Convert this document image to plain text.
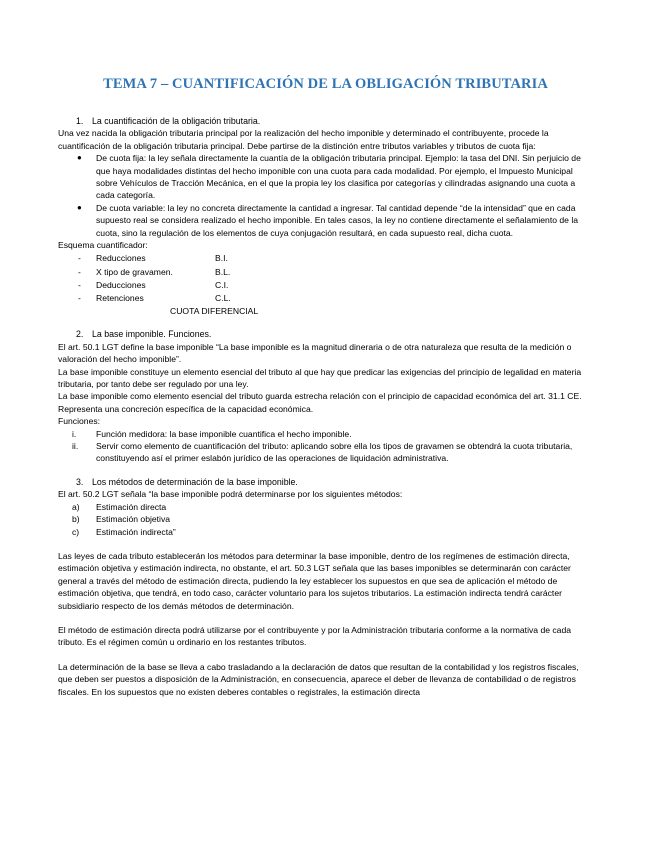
TEMA 7 – CUANTIFICACIÓN DE LA OBLIGACIÓN TRIBUTARIA
1. La cuantificación de la obligación tributaria.

Una vez nacida la obligación tributaria principal por la realización del hecho imponible y determinado el contribuyente, procede la cuantificación de la obligación tributaria principal. Debe partirse de la distinción entre tributos variables y tributos de cuota fija:

● De cuota fija: la ley señala directamente la cuantía de la obligación tributaria principal. Ejemplo: la tasa del DNI. Sin perjuicio de que haya modalidades distintas del hecho imponible con una cuota para cada modalidad. Por ejemplo, el Impuesto Municipal sobre Vehículos de Tracción Mecánica, en el que la propia ley los clasifica por categorías y cilindradas asignando una cuota a cada categoría.
● De cuota variable: la ley no concreta directamente la cantidad a ingresar. Tal cantidad depende “de la intensidad” que en cada supuesto real se considera realizado el hecho imponible. En tales casos, la ley no contiene directamente el señalamiento de la cuota, sino la regulación de los elementos de cuya conjugación resultará, en cada supuesto real, dicha cuota.

Esquema cuantificador:

- Reducciones	B.I.
- X tipo de gravamen.	B.L.
- Deducciones	C.I.
- Retenciones	C.L.
CUOTA DIFERENCIAL
2. La base imponible. Funciones.

El art. 50.1 LGT define la base imponible “La base imponible es la magnitud dineraria o de otra naturaleza que resulta de la medición o valoración del hecho imponible”.

La base imponible constituye un elemento esencial del tributo al que hay que predicar las exigencias del principio de legalidad en materia tributaria, por tanto debe ser regulado por una ley.

La base imponible como elemento esencial del tributo guarda estrecha relación con el principio de capacidad económica del art. 31.1 CE. Representa una concreción específica de la capacidad económica.

Funciones:

i. Función medidora: la base imponible cuantifica el hecho imponible.
ii. Servir como elemento de cuantificación del tributo: aplicando sobre ella los tipos de gravamen se obtendrá la cuota tributaria, constituyendo así el primer eslabón jurídico de las operaciones de liquidación administrativa.
3. Los métodos de determinación de la base imponible.

El art. 50.2 LGT señala “la base imponible podrá determinarse por los siguientes métodos:

a) Estimación directa
b) Estimación objetiva
c) Estimación indirecta”

Las leyes de cada tributo establecerán los métodos para determinar la base imponible, dentro de los regímenes de estimación directa, estimación objetiva y estimación indirecta, no obstante, el art. 50.3 LGT señala que las bases imponibles se determinarán con carácter general a través del método de estimación directa, pudiendo la ley establecer los supuestos en que sea de aplicación el método de estimación objetiva, que tendrá, en todo caso, carácter voluntario para los sujetos tributarios. La estimación indirecta tendrá carácter subsidiario respecto de los demás métodos de determinación.

El método de estimación directa podrá utilizarse por el contribuyente y por la Administración tributaria conforme a la normativa de cada tributo. Es el régimen común u ordinario en los restantes tributos.

La determinación de la base se lleva a cabo trasladando a la declaración de datos que resultan de la contabilidad y los registros fiscales, que deben ser puestos a disposición de la Administración, en consecuencia, aparece el deber de llevanza de contabilidad o de registros fiscales. En los supuestos que no existen deberes contables o registrales, la estimación directa
